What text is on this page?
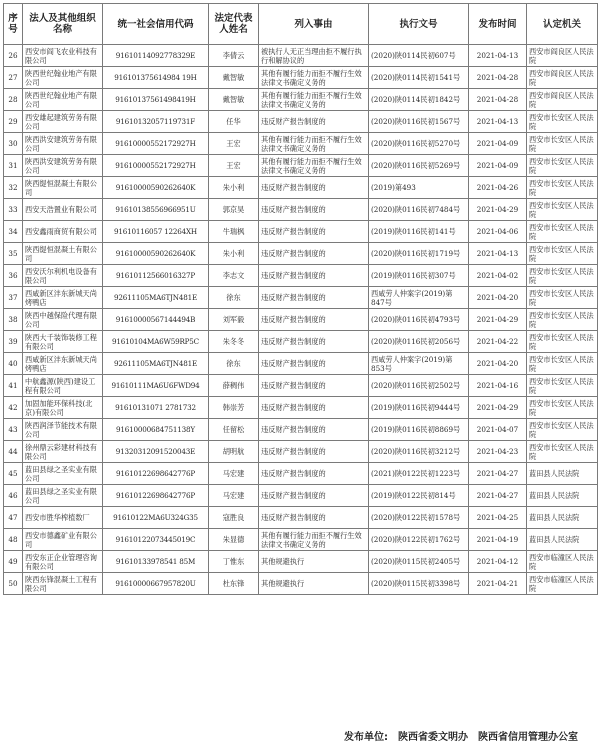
序号	法人及其他组织名称	统一社会信用代码	法定代表人姓名	列入事由	执行文号	发布时间	认定机关
26	西安市阎飞农业科技有限公司	91610114092778329E	李倩云	被执行人无正当理由拒不履行执行和解协议的	(2020)陕0114民初607号	2021-04-13	西安市阎良区人民法院
27	陕西世纪翰业地产有限公司	916101375614984 19H	戴智敏	其他有履行能力而拒不履行生效法律文书确定义务的	(2020)陕0114民初1541号	2021-04-28	西安市阎良区人民法院
28	陕西世纪翰业地产有限公司	91610137561498419H	戴智敏	其他有履行能力而拒不履行生效法律文书确定义务的	(2020)陕0114民初1842号	2021-04-28	西安市阎良区人民法院
29	西安雄起建筑劳务有限公司	91610132057119731F	任华	违反财产报告制度的	(2020)陕0116民初1567号	2021-04-13	西安市长安区人民法院
30	陕西洪安建筑劳务有限公司	91610000552172927H	王宏	其他有履行能力而拒不履行生效法律文书确定义务的	(2020)陕0116民初5270号	2021-04-09	西安市长安区人民法院
31	陕西洪安建筑劳务有限公司	91610000552172927H	王宏	其他有履行能力而拒不履行生效法律文书确定义务的	(2020)陕0116民初5269号	2021-04-09	西安市长安区人民法院
32	陕西缇恒混凝土有限公司	91610000590262640K	朱小利	违反财产报告制度的	(2019)第493	2021-04-26	西安市长安区人民法院
33	西安天浩置业有限公司	91610138556966951U	郭京昊	违反财产报告制度的	(2020)陕0116民初7484号	2021-04-29	西安市长安区人民法院
34	西安鑫雨商贸有限公司	91610116057 12264XH	牛瑞枫	违反财产报告制度的	(2019)陕0116民初141号	2021-04-06	西安市长安区人民法院
35	陕西缇恒混凝土有限公司	91610000590262640K	朱小利	违反财产报告制度的	(2020)陕0116民初1719号	2021-04-13	西安市长安区人民法院
36	西安沃尔利机电设备有限公司	91610112566016327P	李志文	违反财产报告制度的	(2019)陕0116民初307号	2021-04-02	西安市长安区人民法院
37	西咸新区沣东新城天尚烤鸭店	92611105MA6TJN481E	徐东	违反财产报告制度的	西咸劳人仲案字(2019)第847号	2021-04-20	西安市长安区人民法院
38	陕西中越保险代理有限公司	91610000567144494B	刘军毅	违反财产报告制度的	(2020)陕0116民初4793号	2021-04-29	西安市长安区人民法院
39	陕西大千装饰装修工程有限公司	91610104MA6W59RP5C	朱冬冬	违反财产报告制度的	(2020)陕0116民初2056号	2021-04-22	西安市长安区人民法院
40	西咸新区沣东新城天尚烤鸭店	92611105MA6TJN481E	徐东	违反财产报告制度的	西咸劳人仲案字(2019)第853号	2021-04-20	西安市长安区人民法院
41	中航鑫源(陕西)建设工程有限公司	91610111MA6U6FWD94	薛稠伟	违反财产报告制度的	(2020)陕0116民初2502号	2021-04-16	西安市长安区人民法院
42	加固加能环保科技(北京)有限公司	91610131071 2781732	韩崇芳	违反财产报告制度的	(2019)陕0116民初9444号	2021-04-29	西安市长安区人民法院
43	陕西润泽节能技术有限公司	91610000684751138Y	任留松	违反财产报告制度的	(2019)陕0116民初8869号	2021-04-07	西安市长安区人民法院
44	徐州鼎云彩建材科技有限公司	91320312091520043E	胡明航	违反财产报告制度的	(2020)陕0116民初3212号	2021-04-23	西安市长安区人民法院
45	蓝田县绿之圣实业有限公司	91610122698642776P	马宏建	违反财产报告制度的	(2021)陕0122民初1223号	2021-04-27	蓝田县人民法院
46	蓝田县绿之圣实业有限公司	91610122698642776P	马宏建	违反财产报告制度的	(2019)陕0122民初814号	2021-04-27	蓝田县人民法院
47	西安市胜华榨植数厂	91610122MA6U324G35	寇胜良	违反财产报告制度的	(2020)陕0122民初1578号	2021-04-25	蓝田县人民法院
48	西安市德鑫矿业有限公司	91610122073445019C	朱显德	其他有履行能力而拒不履行生效法律文书确定义务的	(2020)陕0122民初1762号	2021-04-19	蓝田县人民法院
49	西安东正企业管理咨询有限公司	91610133978541 85M	丁惟东	其他规避执行	(2020)陕0115民初2405号	2021-04-12	西安市临潼区人民法院
50	陕西东锋混凝土工程有限公司	91610000667957820U	杜东锋	其他规避执行	(2020)陕0115民初3398号	2021-04-21	西安市临潼区人民法院
发布单位: 陕西省委文明办 陕西省信用管理办公室
